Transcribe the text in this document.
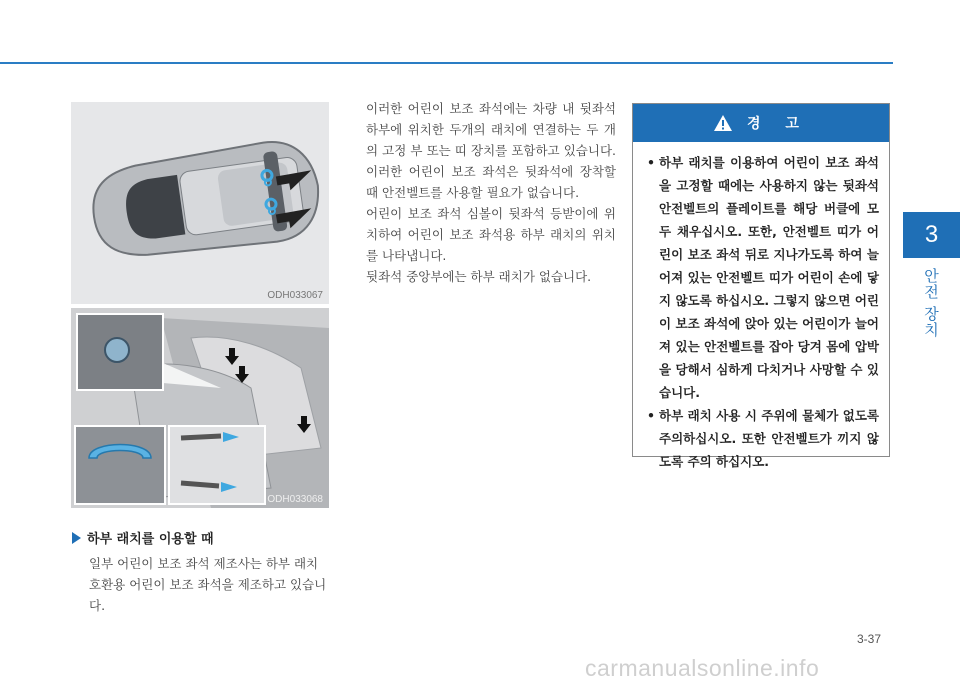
3
안전 장치
ODH033067
ODH033068
하부 래치를 이용할 때
일부 어린이 보조 좌석 제조사는 하부 래치 호환용 어린이 보조 좌석을 제조하고 있습니다.
이러한 어린이 보조 좌석에는 차량 내 뒷좌석 하부에 위치한 두개의 래치에 연결하는 두 개의 고정 부 또는 띠 장치를 포함하고 있습니다. 이러한 어린이 보조 좌석은 뒷좌석에 장착할 때 안전벨트를 사용할 필요가 없습니다.
어린이 보조 좌석 심볼이 뒷좌석 등받이에 위치하여 어린이 보조 좌석용 하부 래치의 위치를 나타냅니다.
뒷좌석 중앙부에는 하부 래치가 없습니다.
경 고
• 하부 래치를 이용하여 어린이 보조 좌석을 고정할 때에는 사용하지 않는 뒷좌석 안전벨트의 플레이트를 해당 버클에 모두 채우십시오. 또한, 안전벨트 띠가 어린이 보조 좌석 뒤로 지나가도록 하여 늘어져 있는 안전벨트 띠가 어린이 손에 닿지 않도록 하십시오. 그렇지 않으면 어린이 보조 좌석에 앉아 있는 어린이가 늘어져 있는 안전벨트를 잡아 당겨 몸에 압박을 당해서 심하게 다치거나 사망할 수 있습니다.
• 하부 래치 사용 시 주위에 물체가 없도록 주의하십시오. 또한 안전벨트가 끼지 않도록 주의 하십시오.
3-37
carmanualsonline.info
